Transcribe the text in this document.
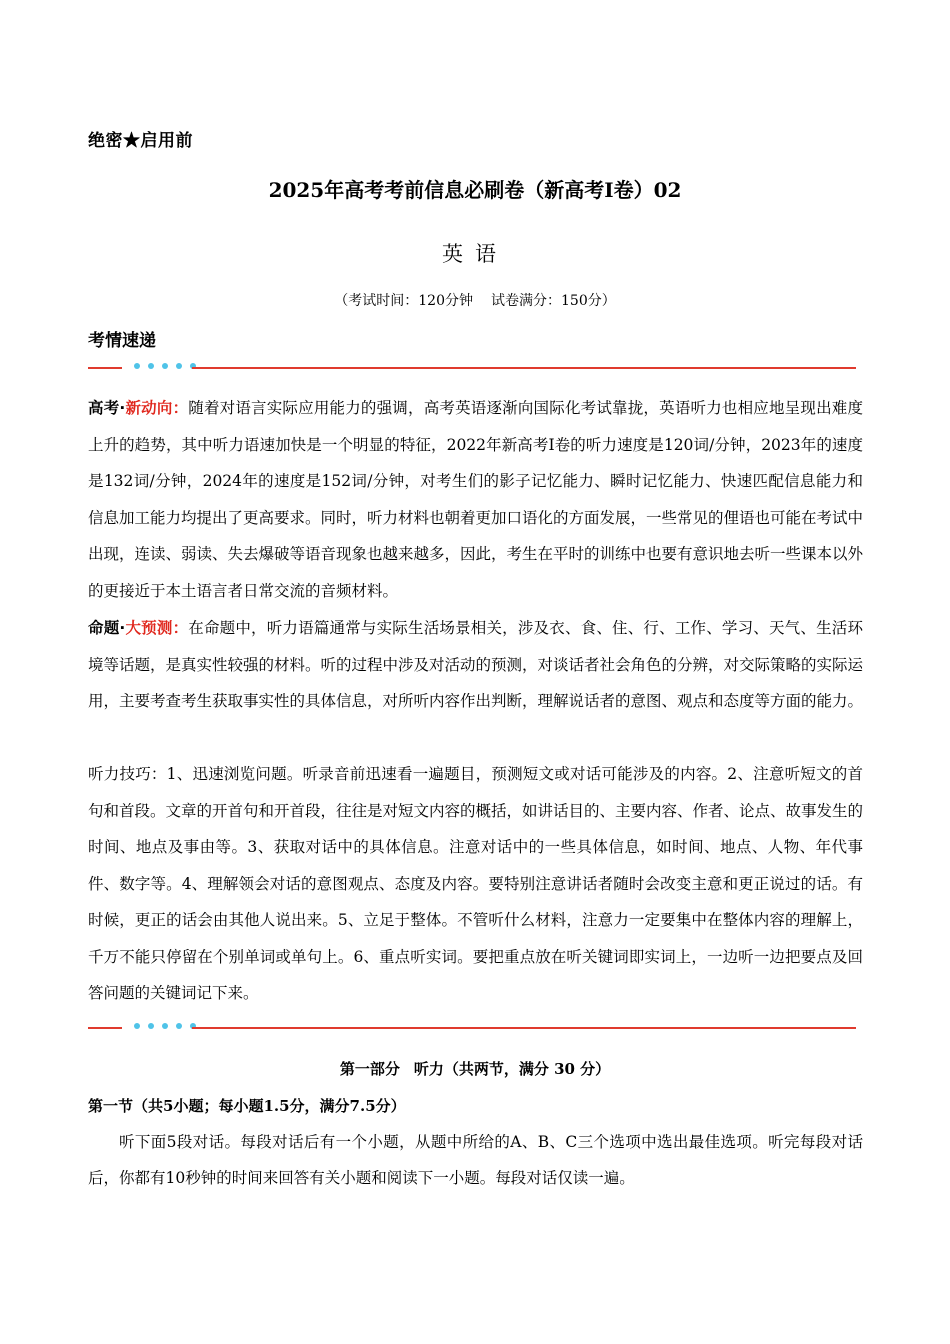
绝密★启用前
2025年高考考前信息必刷卷（新高考I卷）02
英语
（考试时间：120分钟 试卷满分：150分）
考情速递
高考·新动向：随着对语言实际应用能力的强调，高考英语逐渐向国际化考试靠拢，英语听力也相应地呈现出难度上升的趋势，其中听力语速加快是一个明显的特征，2022年新高考Ⅰ卷的听力速度是120词/分钟，2023年的速度是132词/分钟，2024年的速度是152词/分钟，对考生们的影子记忆能力、瞬时记忆能力、快速匹配信息能力和信息加工能力均提出了更高要求。同时，听力材料也朝着更加口语化的方面发展，一些常见的俚语也可能在考试中出现，连读、弱读、失去爆破等语音现象也越来越多，因此，考生在平时的训练中也要有意识地去听一些课本以外的更接近于本土语言者日常交流的音频材料。
命题·大预测：在命题中，听力语篇通常与实际生活场景相关，涉及衣、食、住、行、工作、学习、天气、生活环境等话题，是真实性较强的材料。听的过程中涉及对活动的预测，对谈话者社会角色的分辨，对交际策略的实际运用，主要考查考生获取事实性的具体信息，对所听内容作出判断，理解说话者的意图、观点和态度等方面的能力。
听力技巧：1、迅速浏览问题。听录音前迅速看一遍题目，预测短文或对话可能涉及的内容。2、注意听短文的首句和首段。文章的开首句和开首段，往往是对短文内容的概括，如讲话目的、主要内容、作者、论点、故事发生的时间、地点及事由等。3、获取对话中的具体信息。注意对话中的一些具体信息，如时间、地点、人物、年代事件、数字等。4、理解领会对话的意图观点、态度及内容。要特别注意讲话者随时会改变主意和更正说过的话。有时候，更正的话会由其他人说出来。5、立足于整体。不管听什么材料，注意力一定要集中在整体内容的理解上，千万不能只停留在个别单词或单句上。6、重点听实词。要把重点放在听关键词即实词上，一边听一边把要点及回答问题的关键词记下来。
第一部分 听力（共两节，满分 30 分）
第一节（共5小题；每小题1.5分，满分7.5分）
听下面5段对话。每段对话后有一个小题，从题中所给的A、B、C三个选项中选出最佳选项。听完每段对话后，你都有10秒钟的时间来回答有关小题和阅读下一小题。每段对话仅读一遍。
